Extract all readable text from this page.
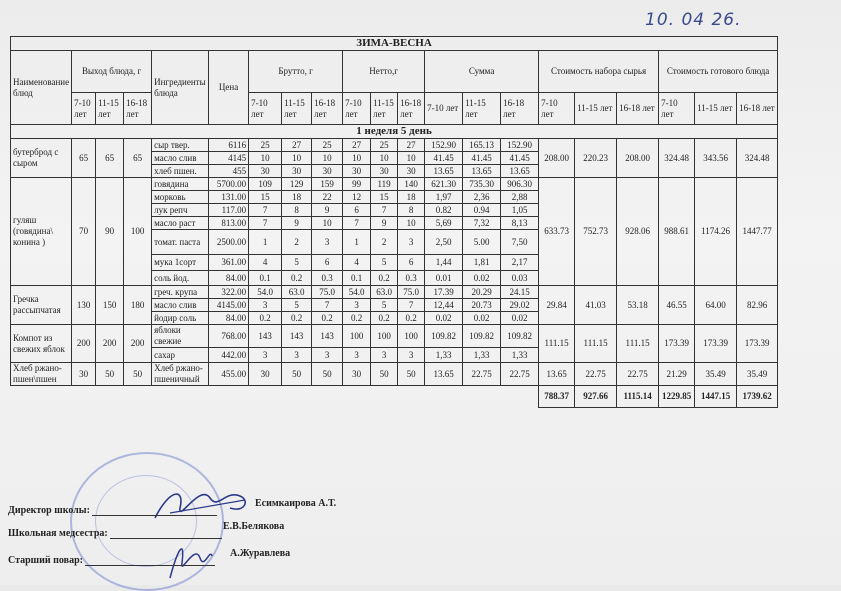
10. 04 26.
ЗИМА-ВЕСНА																				
Наименование блюд	Выход блюда, г			Ингредиенты блюда	Цена	Брутто, г			Нетто,г			Сумма			Стоимость набора сырья			Стоимость готового блюда		
	7-10 лет	11-15 лет	16-18 лет			7-10 лет	11-15 лет	16-18 лет	7-10 лет	11-15 лет	16-18 лет	7-10 лет	11-15 лет	16-18 лет	7-10 лет	11-15 лет	16-18 лет	7-10 лет	11-15 лет	16-18 лет
1 неделя 5 день																				
бутерброд с сыром	65	65	65	сыр твер.	6116	25	27	25	27	25	27	152.90	165.13	152.90	208.00	220.23	208.00	324.48	343.56	324.48
				масло слив	4145	10	10	10	10	10	10	41.45	41.45	41.45						
				хлеб пшен.	455	30	30	30	30	30	30	13.65	13.65	13.65						
гуляш (говядина\ конина )	70	90	100	говядина	5700.00	109	129	159	99	119	140	621.30	735.30	906.30	633.73	752.73	928.06	988.61	1174.26	1447.77
				морковь	131.00	15	18	22	12	15	18	1,97	2,36	2,88						
				лук репч	117.00	7	8	9	6	7	8	0.82	0.94	1,05						
				масло раст	813.00	7	9	10	7	9	10	5,69	7,32	8,13						
				томат. паста	2500.00	1	2	3	1	2	3	2,50	5.00	7,50						
				мука 1сорт	361.00	4	5	6	4	5	6	1,44	1,81	2,17						
				соль йод.	84.00	0.1	0.2	0.3	0.1	0.2	0.3	0.01	0.02	0.03						
Гречка рассыпчатая	130	150	180	греч. крупа	322.00	54.0	63.0	75.0	54.0	63.0	75.0	17.39	20.29	24.15	29.84	41.03	53.18	46.55	64.00	82.96
				масло слив	4145.00	3	5	7	3	5	7	12,44	20.73	29.02						
				йодир соль	84.00	0.2	0.2	0.2	0.2	0.2	0.2	0.02	0.02	0.02						
Компот из свежих яблок	200	200	200	яблоки свежие	768.00	143	143	143	100	100	100	109.82	109.82	109.82	111.15	111.15	111.15	173.39	173.39	173.39
				сахар	442.00	3	3	3	3	3	3	1,33	1,33	1,33						
Хлеб ржано-пшен\пшен	30	50	50	Хлеб ржано-пшеничный	455.00	30	50	50	30	50	50	13.65	22.75	22.75	13.65	22.75	22.75	21.29	35.49	35.49
															788.37	927.66	1115.14	1229.85	1447.15	1739.62
Директор школы:
Есимкаирова А.Т.
Школьная медсестра:
Е.В.Белякова
Старший повар:
А.Журавлева
